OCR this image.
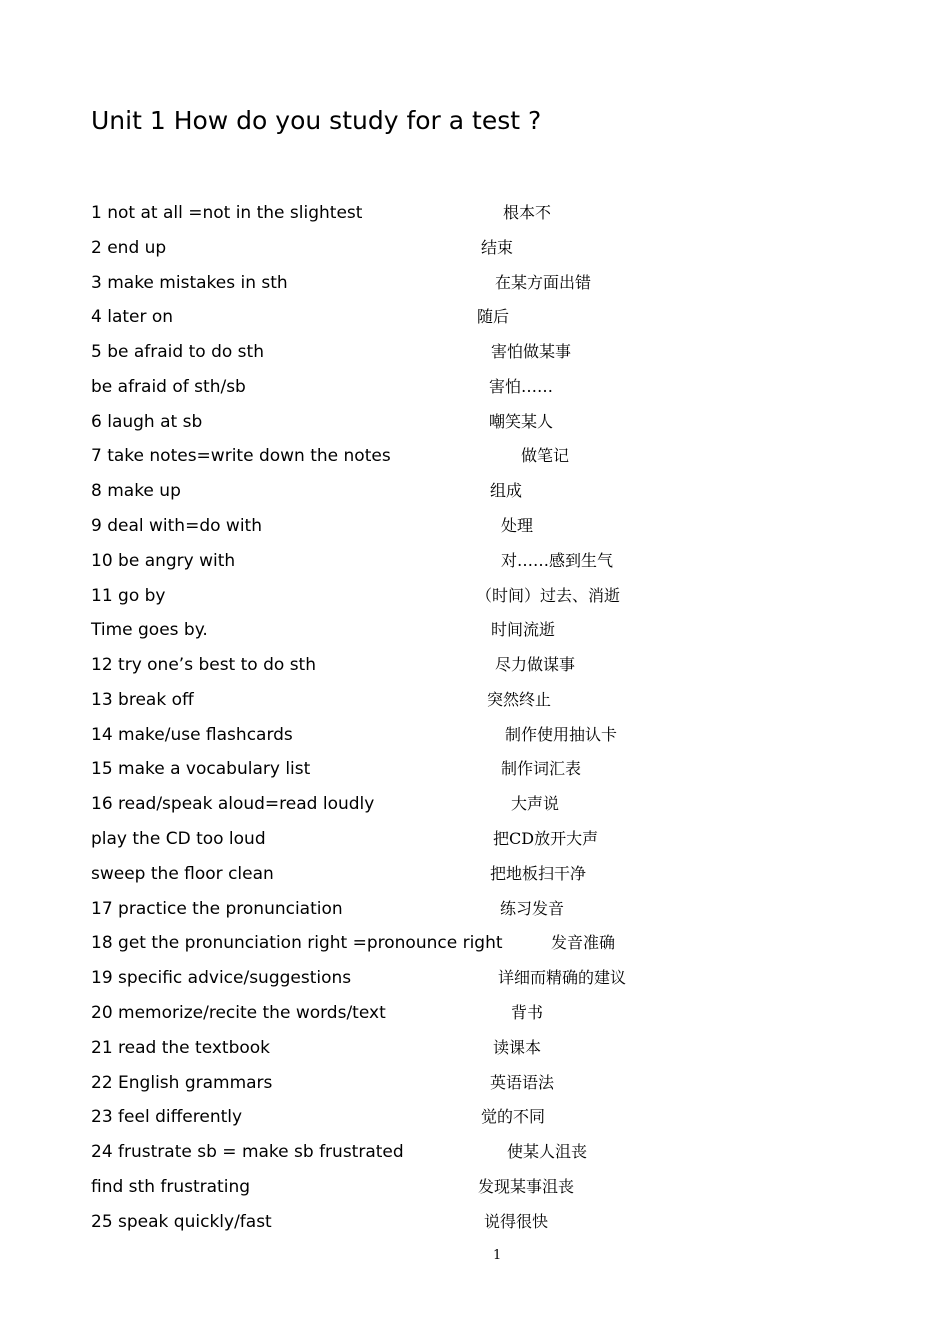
Unit 1 How do you study for a test ?
1 not at all =not in the slightest	根本不
2 end up	结束
3 make mistakes in sth	在某方面出错
4 later on	随后
5 be afraid to do sth	害怕做某事
be afraid of sth/sb	害怕……
6 laugh at sb	嘲笑某人
7 take notes=write down the notes	做笔记
8 make up	组成
9 deal with=do with	处理
10 be angry with	对……感到生气
11 go by	（时间）过去、消逝
Time goes by.	时间流逝
12 try one’s best to do sth	尽力做谋事
13 break off	突然终止
14 make/use flashcards	制作使用抽认卡
15 make a vocabulary list	制作词汇表
16 read/speak aloud=read loudly	大声说
play the CD too loud	把CD放开大声
sweep the floor clean	把地板扫干净
17 practice the pronunciation	练习发音
18 get the pronunciation right =pronounce right	发音准确
19 specific advice/suggestions	详细而精确的建议
20 memorize/recite the words/text	背书
21 read the textbook	读课本
22 English grammars	英语语法
23 feel differently	觉的不同
24 frustrate sb = make sb frustrated	使某人沮丧
find sth frustrating	发现某事沮丧
25 speak quickly/fast	说得很快
1
